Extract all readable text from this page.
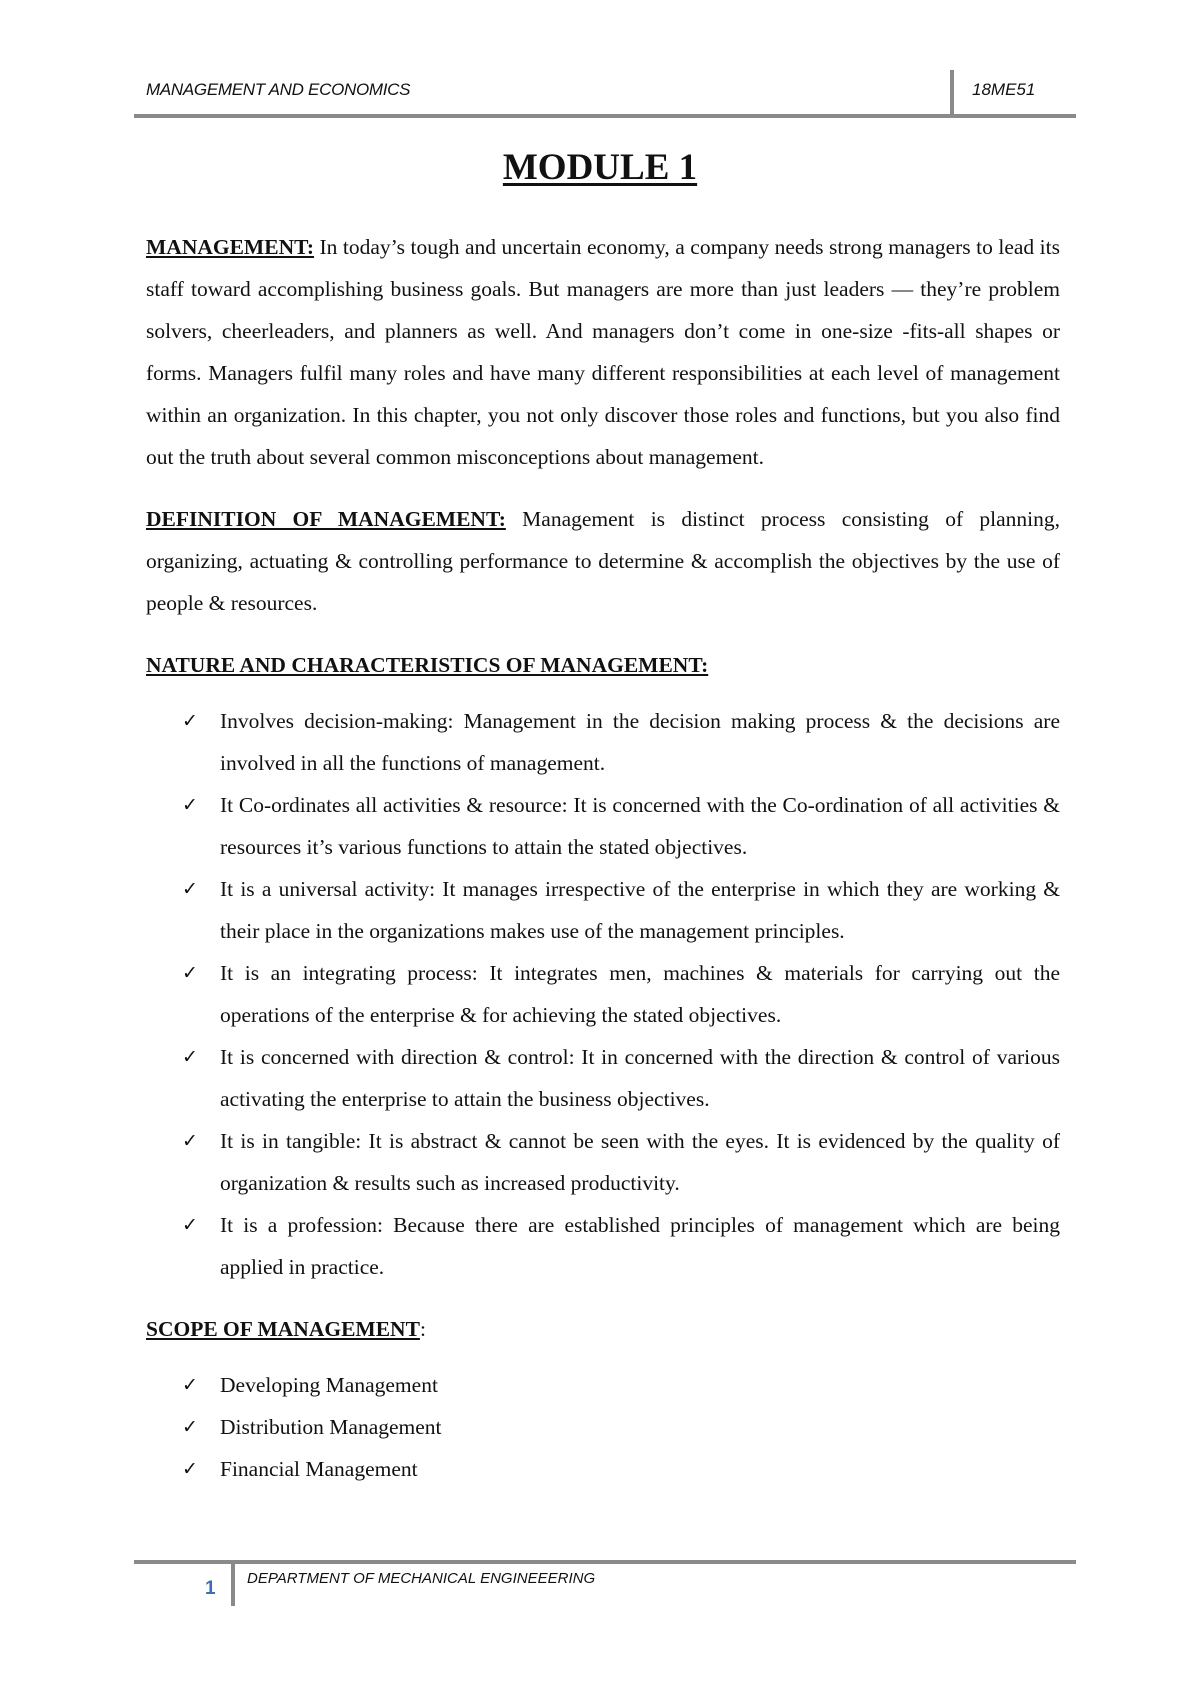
MANAGEMENT AND ECONOMICS	18ME51
MODULE 1

MANAGEMENT: In today’s tough and uncertain economy, a company needs strong managers to lead its staff toward accomplishing business goals. But managers are more than just leaders — they’re problem solvers, cheerleaders, and planners as well. And managers don’t come in one-size -fits-all shapes or forms. Managers fulfil many roles and have many different responsibilities at each level of management within an organization. In this chapter, you not only discover those roles and functions, but you also find out the truth about several common misconceptions about management.

DEFINITION OF MANAGEMENT: Management is distinct process consisting of planning, organizing, actuating & controlling performance to determine & accomplish the objectives by the use of people & resources.

NATURE AND CHARACTERISTICS OF MANAGEMENT:

✓ Involves decision-making: Management in the decision making process & the decisions are involved in all the functions of management.
✓ It Co-ordinates all activities & resource: It is concerned with the Co-ordination of all activities & resources it’s various functions to attain the stated objectives.
✓ It is a universal activity: It manages irrespective of the enterprise in which they are working & their place in the organizations makes use of the management principles.
✓ It is an integrating process: It integrates men, machines & materials for carrying out the operations of the enterprise & for achieving the stated objectives.
✓ It is concerned with direction & control: It in concerned with the direction & control of various activating the enterprise to attain the business objectives.
✓ It is in tangible: It is abstract & cannot be seen with the eyes. It is evidenced by the quality of organization & results such as increased productivity.
✓ It is a profession: Because there are established principles of management which are being applied in practice.

SCOPE OF MANAGEMENT:

✓ Developing Management
✓ Distribution Management
✓ Financial Management
1 DEPARTMENT OF MECHANICAL ENGINEEERING
